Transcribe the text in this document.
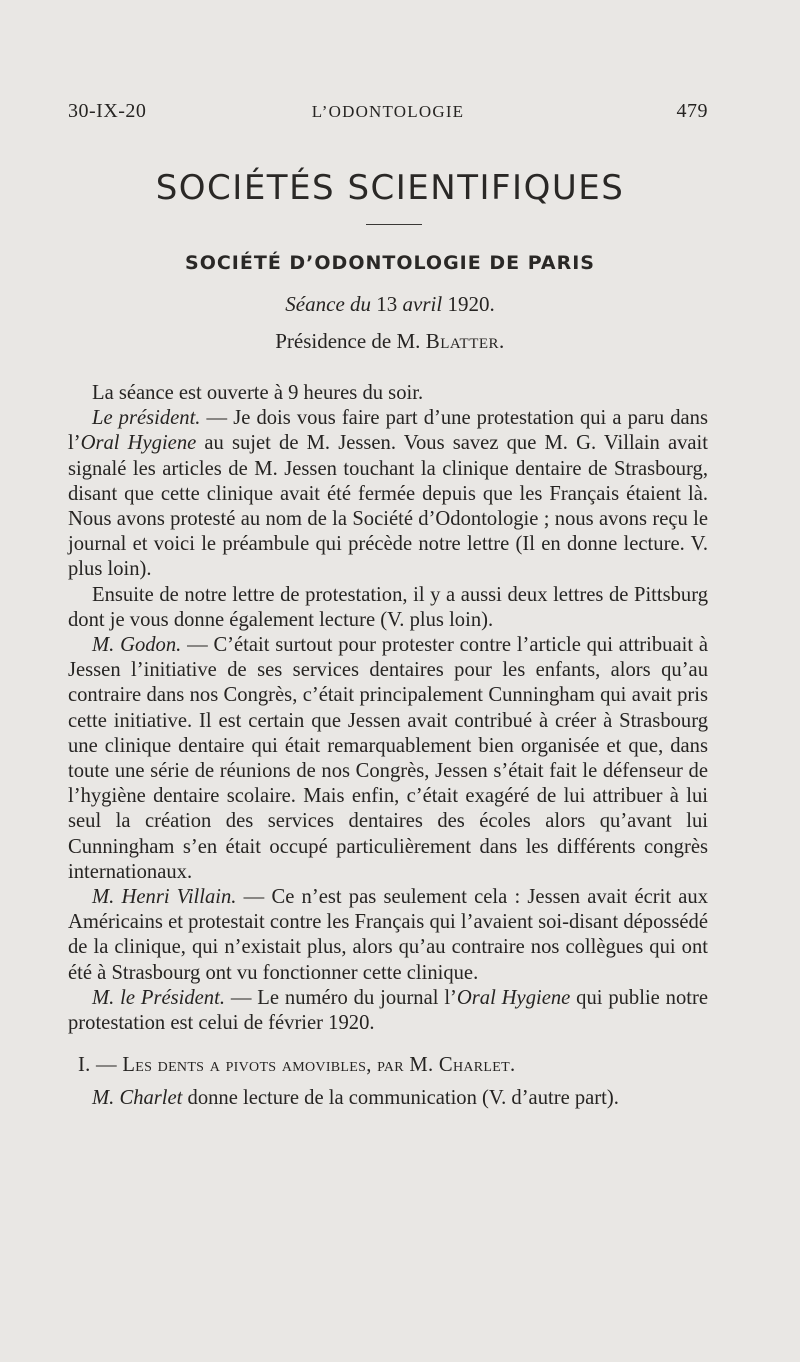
30-IX-20	L’ODONTOLOGIE	479
SOCIÉTÉS SCIENTIFIQUES
SOCIÉTÉ D’ODONTOLOGIE DE PARIS
Séance du 13 avril 1920.
Présidence de M. Blatter.

La séance est ouverte à 9 heures du soir.

Le président. — Je dois vous faire part d’une protestation qui a paru dans l’Oral Hygiene au sujet de M. Jessen. Vous savez que M. G. Villain avait signalé les articles de M. Jessen touchant la clinique dentaire de Strasbourg, disant que cette clinique avait été fermée depuis que les Français étaient là. Nous avons protesté au nom de la Société d’Odontologie ; nous avons reçu le journal et voici le préambule qui précède notre lettre (Il en donne lecture. V. plus loin).

Ensuite de notre lettre de protestation, il y a aussi deux lettres de Pittsburg dont je vous donne également lecture (V. plus loin).

M. Godon. — C’était surtout pour protester contre l’article qui attribuait à Jessen l’initiative de ses services dentaires pour les enfants, alors qu’au contraire dans nos Congrès, c’était principalement Cunningham qui avait pris cette initiative. Il est certain que Jessen avait contribué à créer à Strasbourg une clinique dentaire qui était remarquablement bien organisée et que, dans toute une série de réunions de nos Congrès, Jessen s’était fait le défenseur de l’hygiène dentaire scolaire. Mais enfin, c’était exagéré de lui attribuer à lui seul la création des services dentaires des écoles alors qu’avant lui Cunningham s’en était occupé particulièrement dans les différents congrès internationaux.

M. Henri Villain. — Ce n’est pas seulement cela : Jessen avait écrit aux Américains et protestait contre les Français qui l’avaient soi-disant dépossédé de la clinique, qui n’existait plus, alors qu’au contraire nos collègues qui ont été à Strasbourg ont vu fonctionner cette clinique.

M. le Président. — Le numéro du journal l’Oral Hygiene qui publie notre protestation est celui de février 1920.

I. — Les dents a pivots amovibles, par M. Charlet.

M. Charlet donne lecture de la communication (V. d’autre part).
